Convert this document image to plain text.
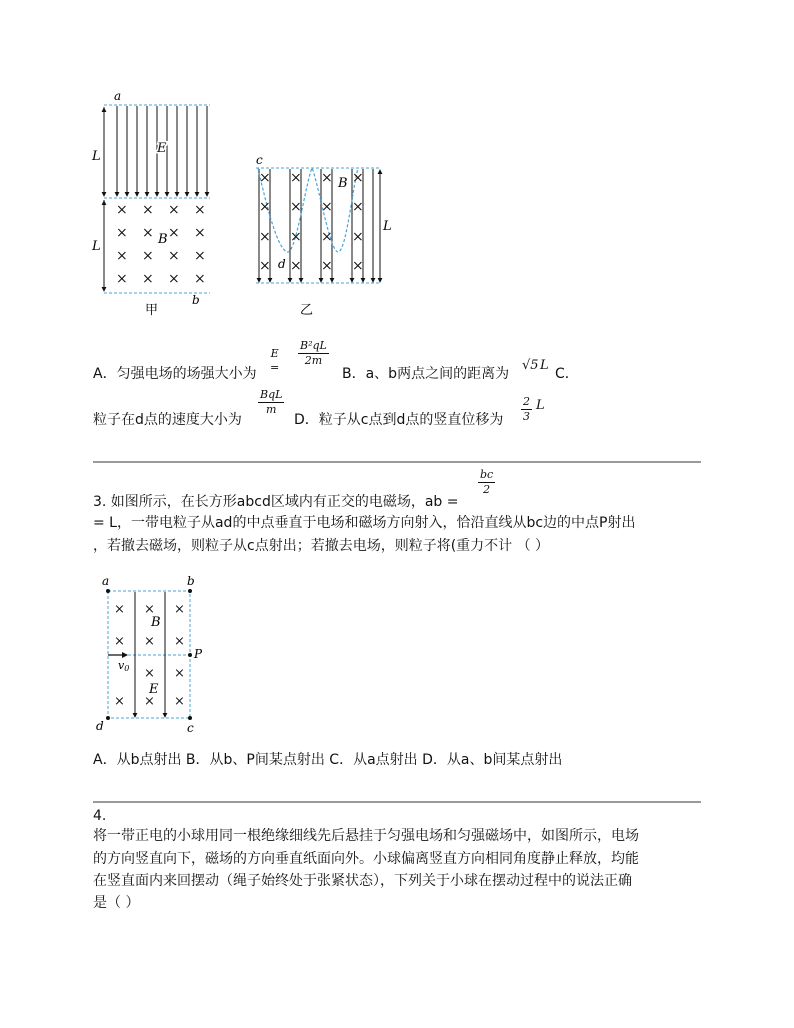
a
E
L
L
× × × ×
× × × ×
× × × ×
× × × ×
B
b
甲
× × × ×
× × × ×
× × × ×
× × × ×
c
B
d
L
乙
$E = \frac{\text{B²qL}}{2m}$
A．匀强电场的场强大小为	B．a、b两点之间的距离为
√5 L
C．
BqL
m
粒子在d点的速度大小为	D．粒子从c点到d点的竖直位移为 $\frac{2}{3}$ L
$\frac{bc}{2}$
3. 如图所示，在长方形abcd区域内有正交的电磁场，ab =
= L，一带电粒子从ad的中点垂直于电场和磁场方向射入，恰沿直线从bc边的中点P射出
，若撤去磁场，则粒子从c点射出；若撤去电场，则粒子将(重力不计 （ ）
× × ×
× × ×
× ×
× × ×
a	b
c
d
P
B
E
v0
A．从b点射出 B．从b、P间某点射出 C．从a点射出 D．从a、b间某点射出
4.
将一带正电的小球用同一根绝缘细线先后悬挂于匀强电场和匀强磁场中，如图所示，电场
的方向竖直向下，磁场的方向垂直纸面向外。小球偏离竖直方向相同角度静止释放，均能
在竖直面内来回摆动（绳子始终处于张紧状态），下列关于小球在摆动过程中的说法正确
是（ ）
